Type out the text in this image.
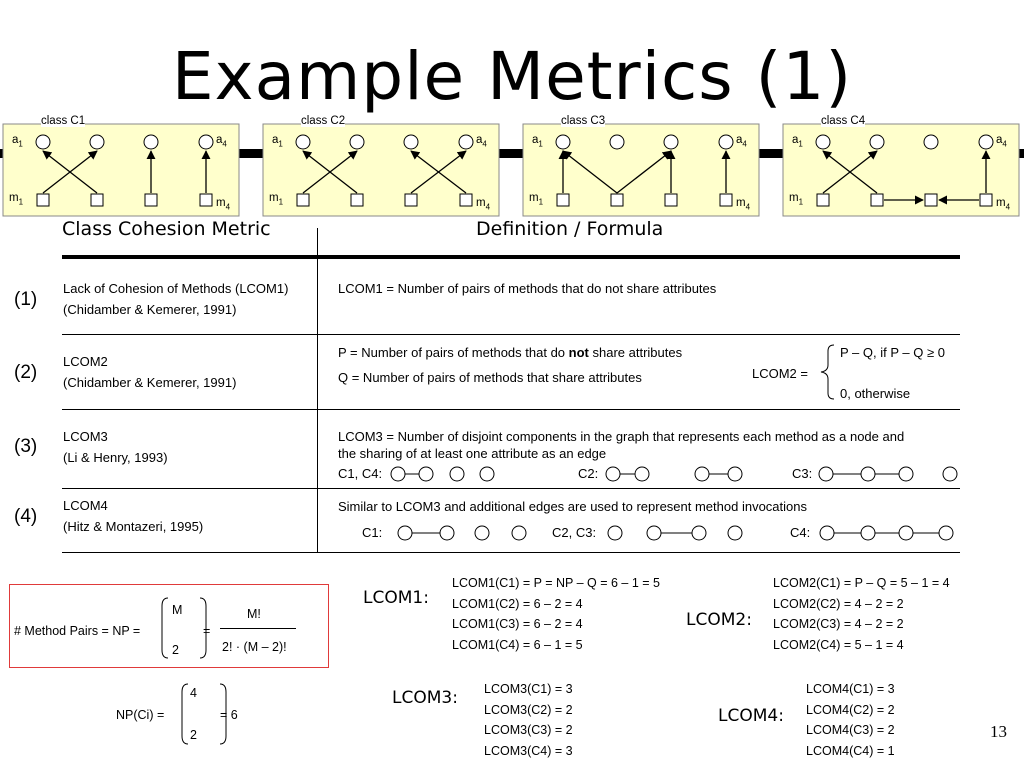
Example Metrics (1)
class C1
$a_1$	$a_4$
$m_1$	$m_4$
class C2
$a_1$	$a_4$
$m_1$	$m_4$
class C3
$a_1$	$a_4$
$m_1$	$m_4$
class C4
$a_1$	$a_4$
$m_1$	$m_4$
Class Cohesion Metric	Definition / Formula
(1)
Lack of Cohesion of Methods (LCOM1)
(Chidamber & Kemerer, 1991)
LCOM1 = Number of pairs of methods that do not share attributes
(2)
LCOM2
(Chidamber & Kemerer, 1991)
P = Number of pairs of methods that do not share attributes
Q = Number of pairs of methods that share attributes	LCOM2 =
P – Q, if P – Q ≥ 0
0, otherwise
(3) LCOM3
(Li & Henry, 1993)
LCOM3 = Number of disjoint components in the graph that represents each method as a node and
the sharing of at least one attribute as an edge
C1, C4:	C2:	C3:
(4)
LCOM4
(Hitz & Montazeri, 1995)
Similar to LCOM3 and additional edges are used to represent method invocations
C1:	C2, C3:	C4:
# Method Pairs = NP =
M
2
=
M!
2! · (M – 2)!
NP(Ci) =
4
2
= 6
LCOM1:
LCOM1(C1) = P = NP – Q = 6 – 1 = 5
LCOM1(C2) = 6 – 2 = 4
LCOM1(C3) = 6 – 2 = 4
LCOM1(C4) = 6 – 1 = 5
LCOM2:
LCOM2(C1) = P – Q = 5 – 1 = 4
LCOM2(C2) = 4 – 2 = 2
LCOM2(C3) = 4 – 2 = 2
LCOM2(C4) = 5 – 1 = 4
LCOM3: LCOM3(C1) = 3
LCOM3(C2) = 2
LCOM3(C3) = 2
LCOM3(C4) = 3
LCOM4:
LCOM4(C1) = 3
LCOM4(C2) = 2
LCOM4(C3) = 2
LCOM4(C4) = 1
13
